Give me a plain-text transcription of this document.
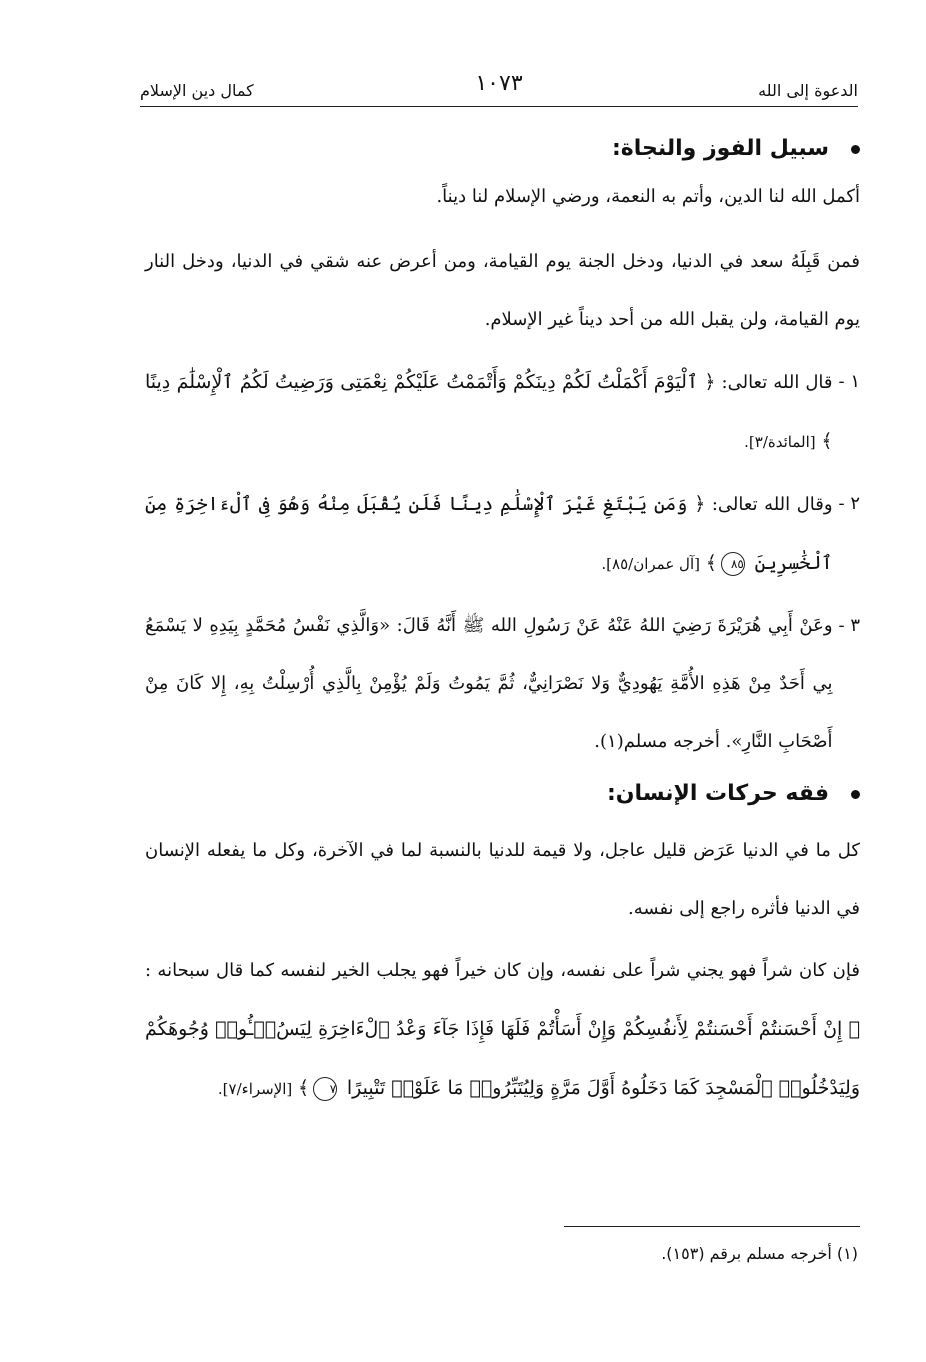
الدعوة إلى الله
١٠٧٣
كمال دين الإسلام
سبيل الفوز والنجاة:

أكمل الله لنا الدين، وأتم به النعمة، ورضي الإسلام لنا ديناً.

فمن قَبِلَهُ سعد في الدنيا، ودخل الجنة يوم القيامة، ومن أعرض عنه شقي في الدنيا، ودخل النار يوم القيامة، ولن يقبل الله من أحد ديناً غير الإسلام.

١ -
قال الله تعالى: ﴿ ٱلْيَوْمَ أَكْمَلْتُ لَكُمْ دِينَكُمْ وَأَتْمَمْتُ عَلَيْكُمْ نِعْمَتِى وَرَضِيتُ لَكُمُ ٱلْإِسْلَٰمَ دِينًا ﴾ [المائدة/٣].
٢ -
وقال الله تعالى: ﴿ وَمَن يَبْتَغِ غَيْرَ ٱلْإِسْلَٰمِ دِينًا فَلَن يُقْبَلَ مِنْهُ وَهُوَ فِى ٱلْءَاخِرَةِ مِنَ ٱلْخَٰسِرِينَ ٨٥﴾ [آل عمران/٨٥].
٣ -
وعَنْ أَبِي هُرَيْرَةَ رَضِيَ اللهُ عَنْهُ عَنْ رَسُولِ الله ﷺ أَنَّهُ قَالَ: «وَالَّذِي نَفْسُ مُحَمَّدٍ بِيَدِهِ لا يَسْمَعُ بِي أَحَدٌ مِنْ هَذِهِ الأُمَّةِ يَهُودِيٌّ وَلا نَصْرَانِيٌّ، ثُمَّ يَمُوتُ وَلَمْ يُؤْمِنْ بِالَّذِي أُرْسِلْتُ بِهِ، إِلا كَانَ مِنْ أَصْحَابِ النَّارِ». أخرجه مسلم(١).
فقه حركات الإنسان:

كل ما في الدنيا عَرَض قليل عاجل، ولا قيمة للدنيا بالنسبة لما في الآخرة، وكل ما يفعله الإنسان في الدنيا فأثره راجع إلى نفسه.

فإن كان شراً فهو يجني شراً على نفسه، وإن كان خيراً فهو يجلب الخير لنفسه كما قال سبحانه : ﴿ إِنْ أَحْسَنتُمْ أَحْسَنتُمْ لِأَنفُسِكُمْ وَإِنْ أَسَأْتُمْ فَلَهَا فَإِذَا جَآءَ وَعْدُ ٱلْءَاخِرَةِ لِيَسُۥٓـُٔوا۟ وُجُوهَكُمْ وَلِيَدْخُلُوا۟ ٱلْمَسْجِدَ كَمَا دَخَلُوهُ أَوَّلَ مَرَّةٍ وَلِيُتَبِّرُوا۟ مَا عَلَوْا۟ تَتْبِيرًا ٧﴾ [الإسراء/٧].

(١) أخرجه مسلم برقم (١٥٣).
